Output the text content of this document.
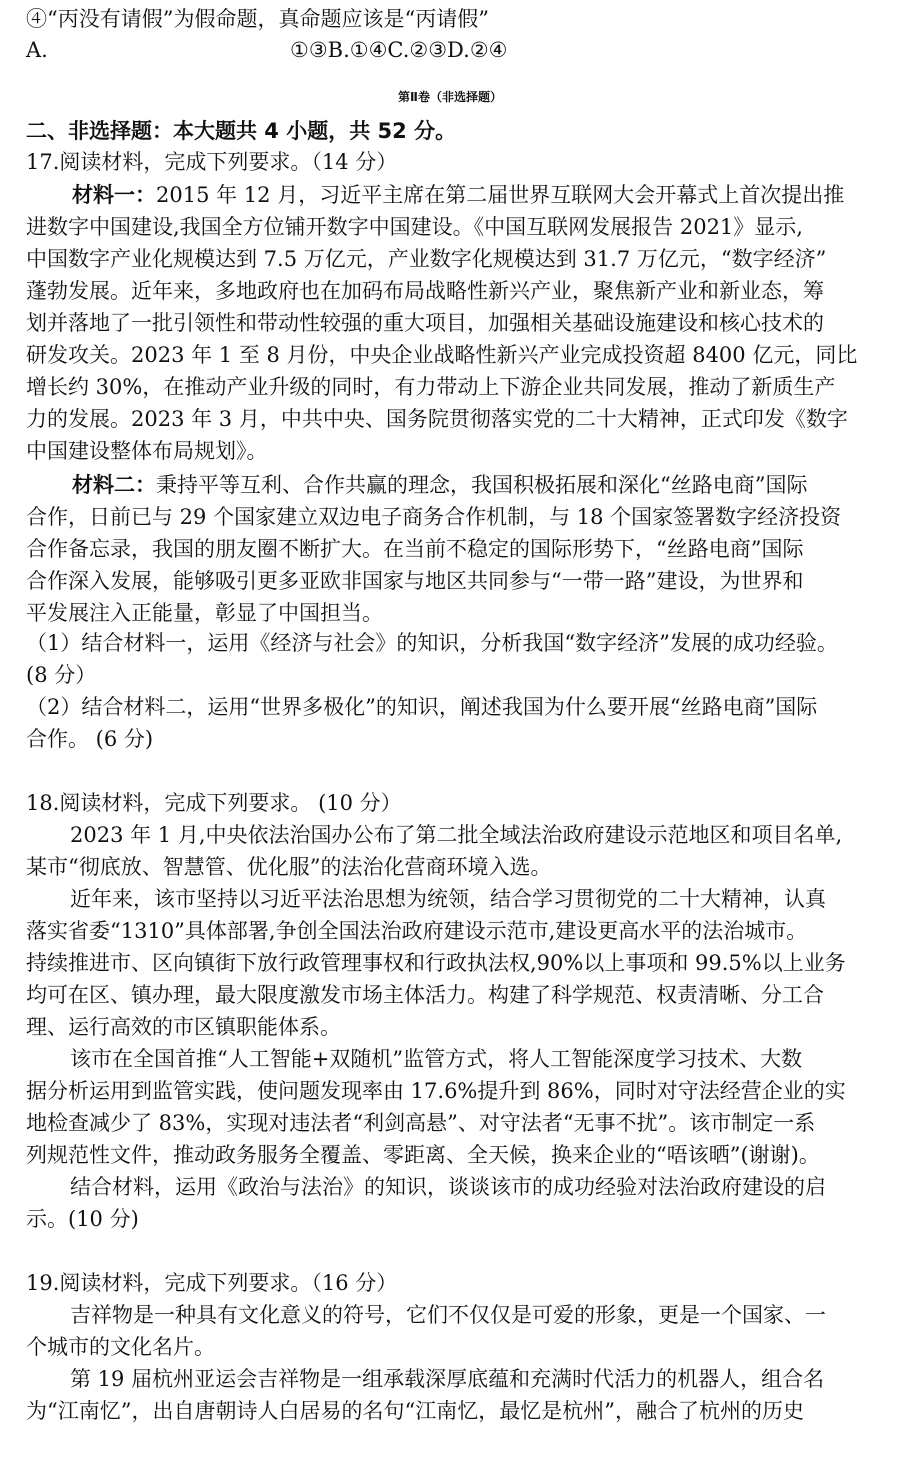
④“丙没有请假”为假命题，真命题应该是“丙请假”
A.	①③B.①④C.②③D.②④
第Ⅱ卷（非选择题）
二、非选择题：本大题共 4 小题，共 52 分。
17.阅读材料，完成下列要求。（14 分）
材料一：2015 年 12 月，习近平主席在第二届世界互联网大会开幕式上首次提出推
进数字中国建设,我国全方位铺开数字中国建设。《中国互联网发展报告 2021》显示,
中国数字产业化规模达到 7.5 万亿元，产业数字化规模达到 31.7 万亿元，“数字经济”
蓬勃发展。近年来，多地政府也在加码布局战略性新兴产业，聚焦新产业和新业态，筹
划并落地了一批引领性和带动性较强的重大项目，加强相关基础设施建设和核心技术的
研发攻关。2023 年 1 至 8 月份，中央企业战略性新兴产业完成投资超 8400 亿元，同比
增长约 30%，在推动产业升级的同时，有力带动上下游企业共同发展，推动了新质生产
力的发展。2023 年 3 月，中共中央、国务院贯彻落实党的二十大精神，正式印发《数字
中国建设整体布局规划》。
材料二：秉持平等互利、合作共赢的理念，我国积极拓展和深化“丝路电商”国际
合作，日前已与 29 个国家建立双边电子商务合作机制，与 18 个国家签署数字经济投资
合作备忘录，我国的朋友圈不断扩大。在当前不稳定的国际形势下，“丝路电商”国际
合作深入发展，能够吸引更多亚欧非国家与地区共同参与“一带一路”建设，为世界和
平发展注入正能量，彰显了中国担当。
（1）结合材料一，运用《经济与社会》的知识，分析我国“数字经济”发展的成功经验。
(8 分）
（2）结合材料二，运用“世界多极化”的知识，阐述我国为什么要开展“丝路电商”国际
合作。 (6 分)
18.阅读材料，完成下列要求。 (10 分）
2023 年 1 月,中央依法治国办公布了第二批全域法治政府建设示范地区和项目名单,
某市“彻底放、智慧管、优化服”的法治化营商环境入选。
近年来，该市坚持以习近平法治思想为统领，结合学习贯彻党的二十大精神，认真
落实省委“1310”具体部署,争创全国法治政府建设示范市,建设更高水平的法治城市。
持续推进市、区向镇街下放行政管理事权和行政执法权,90%以上事项和 99.5%以上业务
均可在区、镇办理，最大限度激发市场主体活力。构建了科学规范、权责清晰、分工合
理、运行高效的市区镇职能体系。
该市在全国首推“人工智能+双随机”监管方式，将人工智能深度学习技术、大数
据分析运用到监管实践，使问题发现率由 17.6%提升到 86%，同时对守法经营企业的实
地检查减少了 83%，实现对违法者“利剑高悬”、对守法者“无事不扰”。该市制定一系
列规范性文件，推动政务服务全覆盖、零距离、全天候，换来企业的“唔该晒”(谢谢)。
结合材料，运用《政治与法治》的知识，谈谈该市的成功经验对法治政府建设的启
示。(10 分)
19.阅读材料，完成下列要求。（16 分）
吉祥物是一种具有文化意义的符号，它们不仅仅是可爱的形象，更是一个国家、一
个城市的文化名片。
第 19 届杭州亚运会吉祥物是一组承载深厚底蕴和充满时代活力的机器人，组合名
为“江南忆”，出自唐朝诗人白居易的名句“江南忆，最忆是杭州”，融合了杭州的历史
